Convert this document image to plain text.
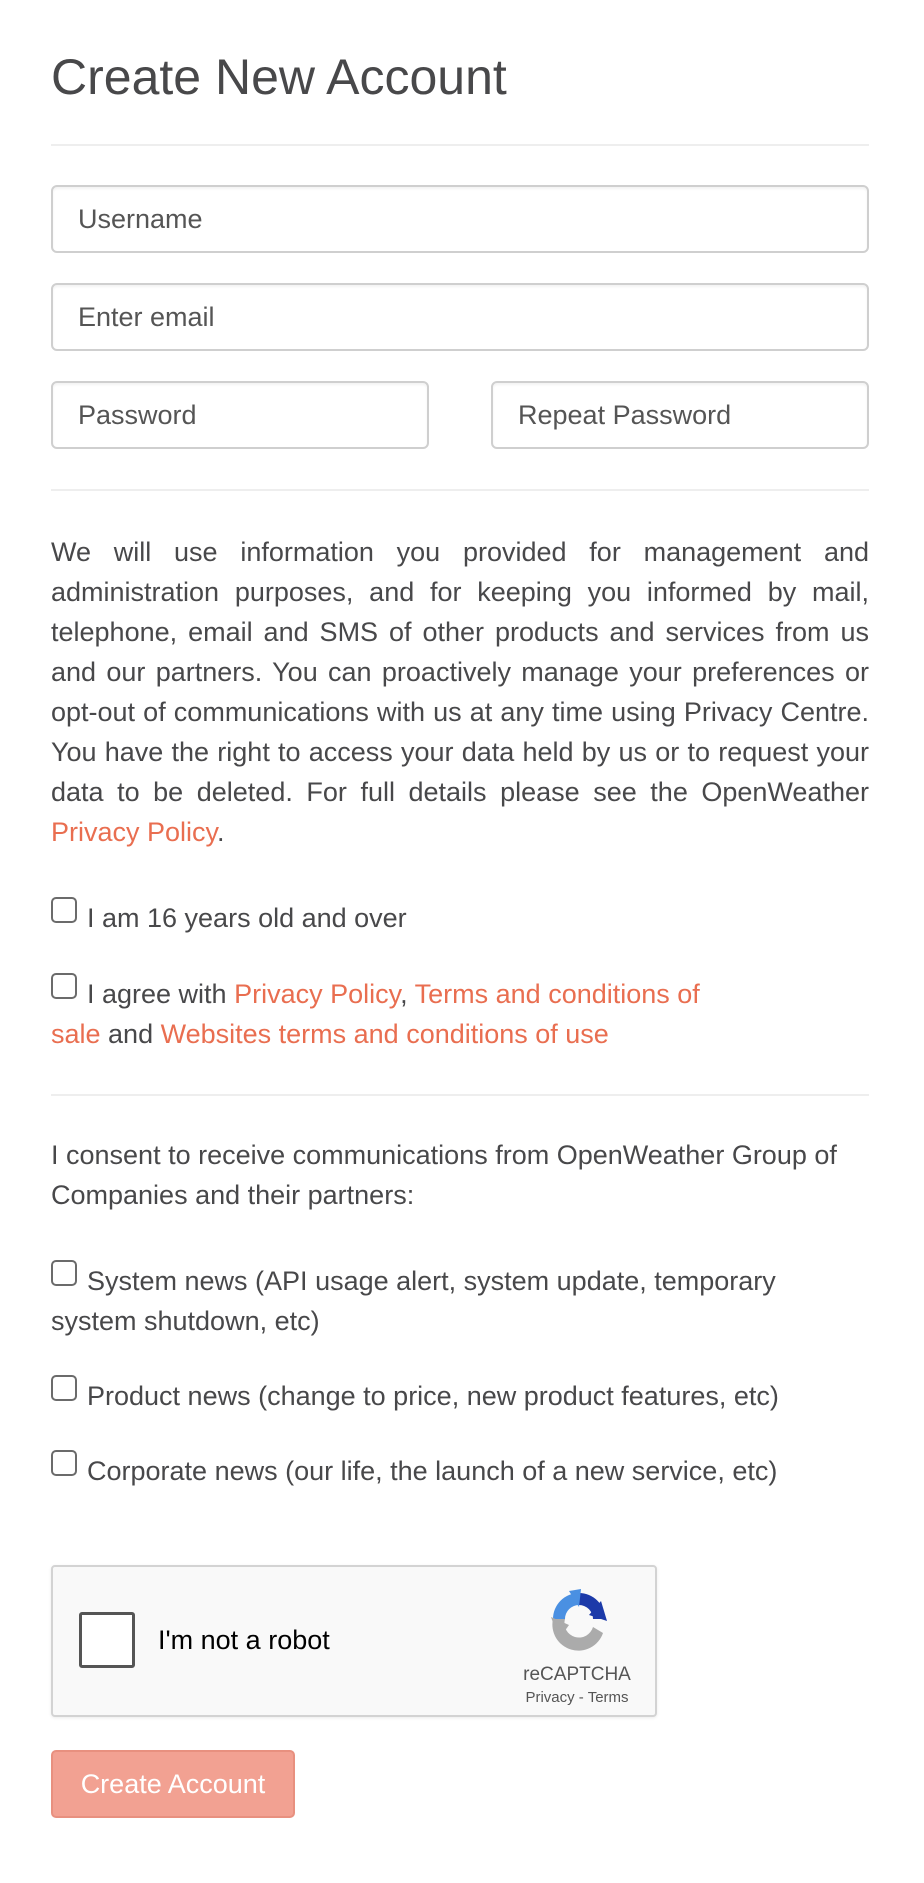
Create New Account
Username
Enter email

We will use information you provided for management and administration purposes, and for keeping you informed by mail, telephone, email and SMS of other products and services from us and our partners. You can proactively manage your preferences or opt-out of communications with us at any time using Privacy Centre. You have the right to access your data held by us or to request your data to be deleted. For full details please see the OpenWeather Privacy Policy.

I am 16 years old and over
I agree with Privacy Policy, Terms and conditions of sale and Websites terms and conditions of use

I consent to receive communications from OpenWeather Group of Companies and their partners:

System news (API usage alert, system update, temporary system shutdown, etc)
Product news (change to price, new product features, etc)
Corporate news (our life, the launch of a new service, etc)
I'm not a robot
reCAPTCHA
Privacy - Terms
Create Account
